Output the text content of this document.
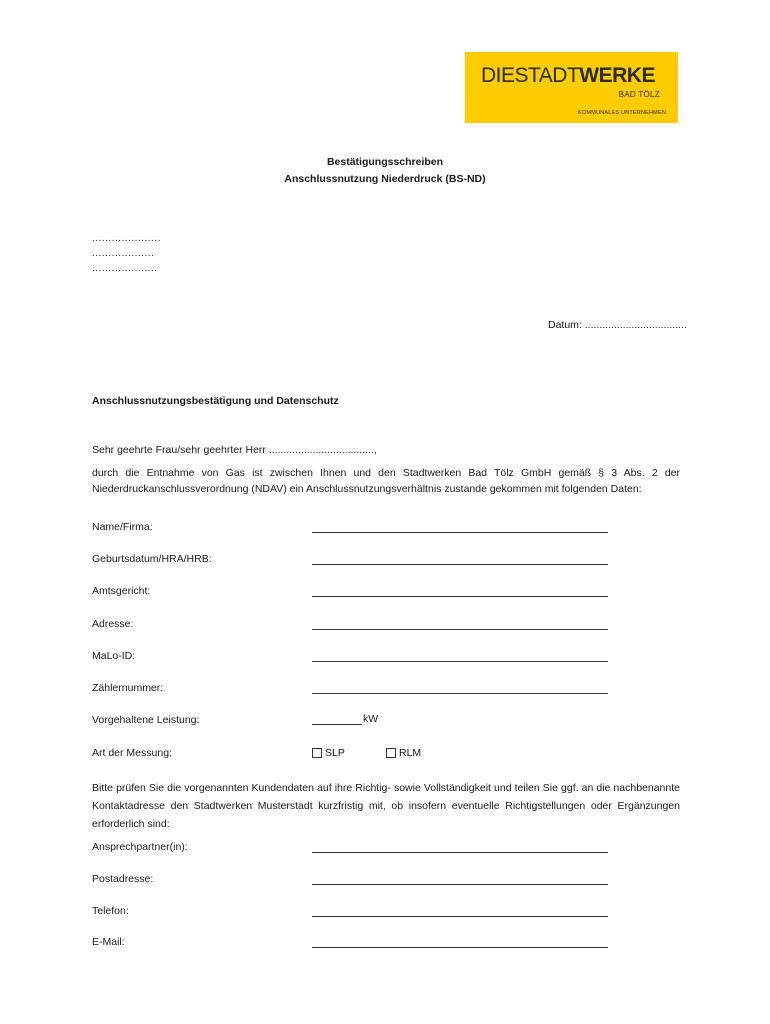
DIESTADTWERKE
BAD TÖLZ
KOMMUNALES UNTERNEHMEN
Bestätigungsschreiben
Anschlussnutzung Niederdruck (BS-ND)
.....................
...................
....................
Datum: ...................................
Anschlussnutzungsbestätigung und Datenschutz
Sehr geehrte Frau/sehr geehrter Herr ....................................,
durch die Entnahme von Gas ist zwischen Ihnen und den Stadtwerken Bad Tölz GmbH gemäß § 3 Abs. 2 der Niederdruckanschlussverordnung (NDAV) ein Anschlussnutzungsverhältnis zustande gekommen mit folgenden Daten:
Name/Firma:
Geburtsdatum/HRA/HRB:
Amtsgericht:
Adresse:
MaLo-ID:
Zählernummer:
Vorgehaltene Leistung:	kW
Art der Messung:	SLP	RLM
Bitte prüfen Sie die vorgenannten Kundendaten auf ihre Richtig- sowie Vollständigkeit und teilen Sie ggf. an die nachbenannte Kontaktadresse den Stadtwerken Musterstadt kurzfristig mit, ob insofern eventuelle Richtigstellungen oder Ergänzungen erforderlich sind:
Ansprechpartner(in):
Postadresse:
Telefon:
E-Mail:
